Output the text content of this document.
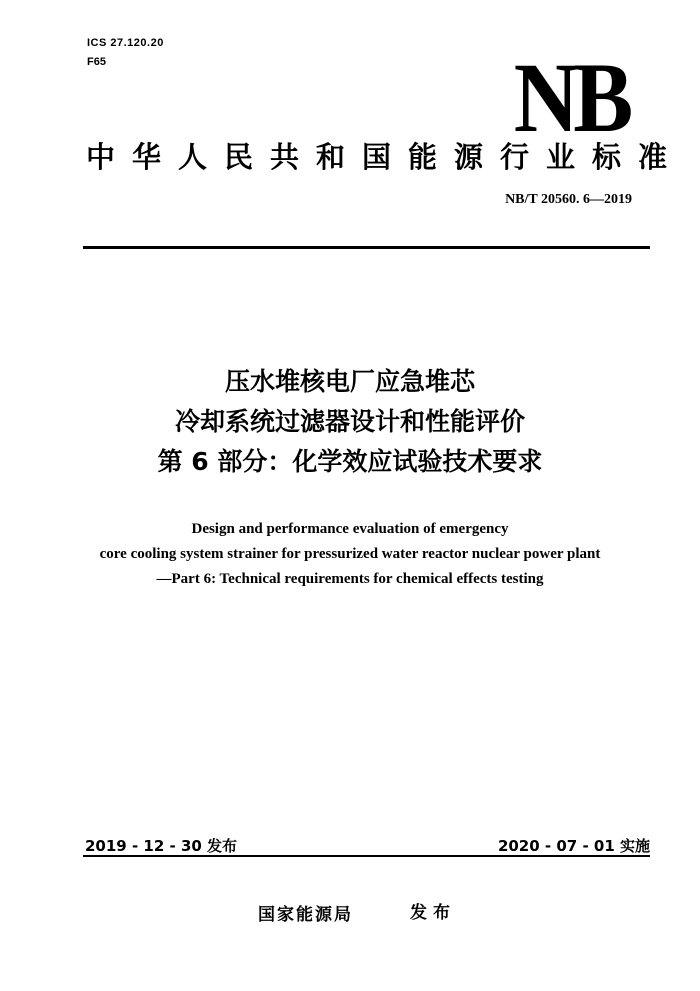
ICS 27.120.20
F65	NB
中华人民共和国能源行业标准
NB/T 20560. 6—2019
压水堆核电厂应急堆芯
冷却系统过滤器设计和性能评价
第 6 部分：化学效应试验技术要求
Design and performance evaluation of emergency
core cooling system strainer for pressurized water reactor nuclear power plant
—Part 6: Technical requirements for chemical effects testing
2019 - 12 - 30 发布	2020 - 07 - 01 实施
国家能源局	发布
